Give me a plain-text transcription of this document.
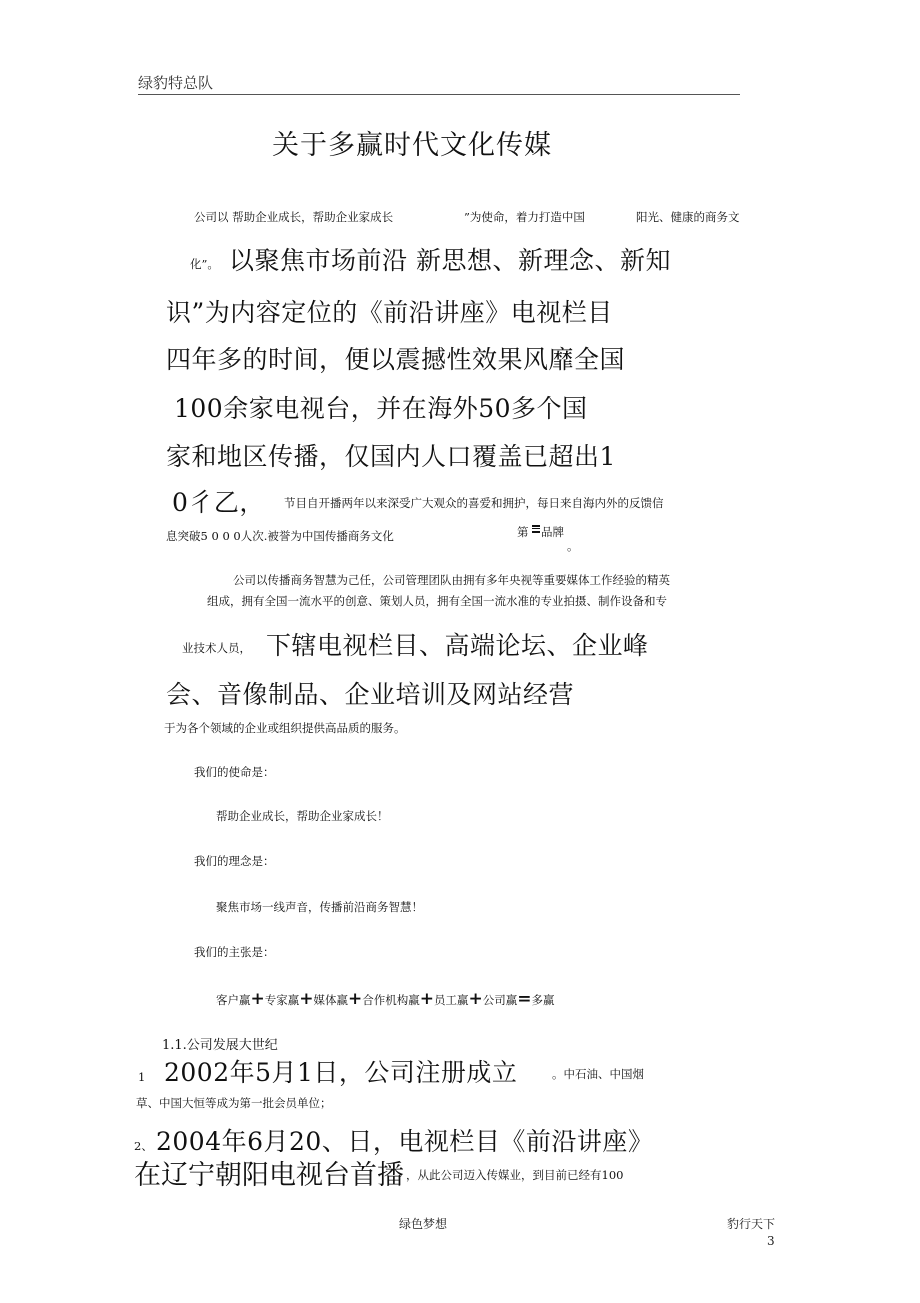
绿豹特总队
关于多赢时代文化传媒
公司以 帮助企业成长，帮助企业家成长	”为使命，着力打造中国	阳光、健康的商务文
化”。 以聚焦市场前沿 新思想、新理念、新知
识”为内容定位的《前沿讲座》电视栏目
四年多的时间，便以震撼性效果风靡全国
100余家电视台，并在海外50多个国
家和地区传播，仅国内人口覆盖已超出1
0彳乙， 节目自开播两年以来深受广大观众的喜爱和拥护，每日来自海内外的反馈信
息突破5 0 0 0人次.被誉为中国传播商务文化	第 品牌
。
公司以传播商务智慧为己任，公司管理团队由拥有多年央视等重要媒体工作经验的精英
组成，拥有全国一流水平的创意、策划人员，拥有全国一流水准的专业拍摄、制作设备和专
业技术人员， 下辖电视栏目、高端论坛、企业峰
会、音像制品、企业培训及网站经营
于为各个领域的企业或组织提供高品质的服务。
我们的使命是：
帮助企业成长，帮助企业家成长！
我们的理念是：
聚焦市场一线声音，传播前沿商务智慧！
我们的主张是：
客户赢 + 专家赢 + 媒体赢 + 合作机构赢 + 员工赢 + 公司赢 = 多赢
1.1.公司发展大世纪
1 2002年5月1日，公司注册成立	。中石油、中国烟
草、中国大恒等成为第一批会员单位；
2、 2004年6月20、日，电视栏目《前沿讲座》
在辽宁朝阳电视台首播 ，从此公司迈入传媒业，到目前已经有100
绿色梦想	豹行天下
3
